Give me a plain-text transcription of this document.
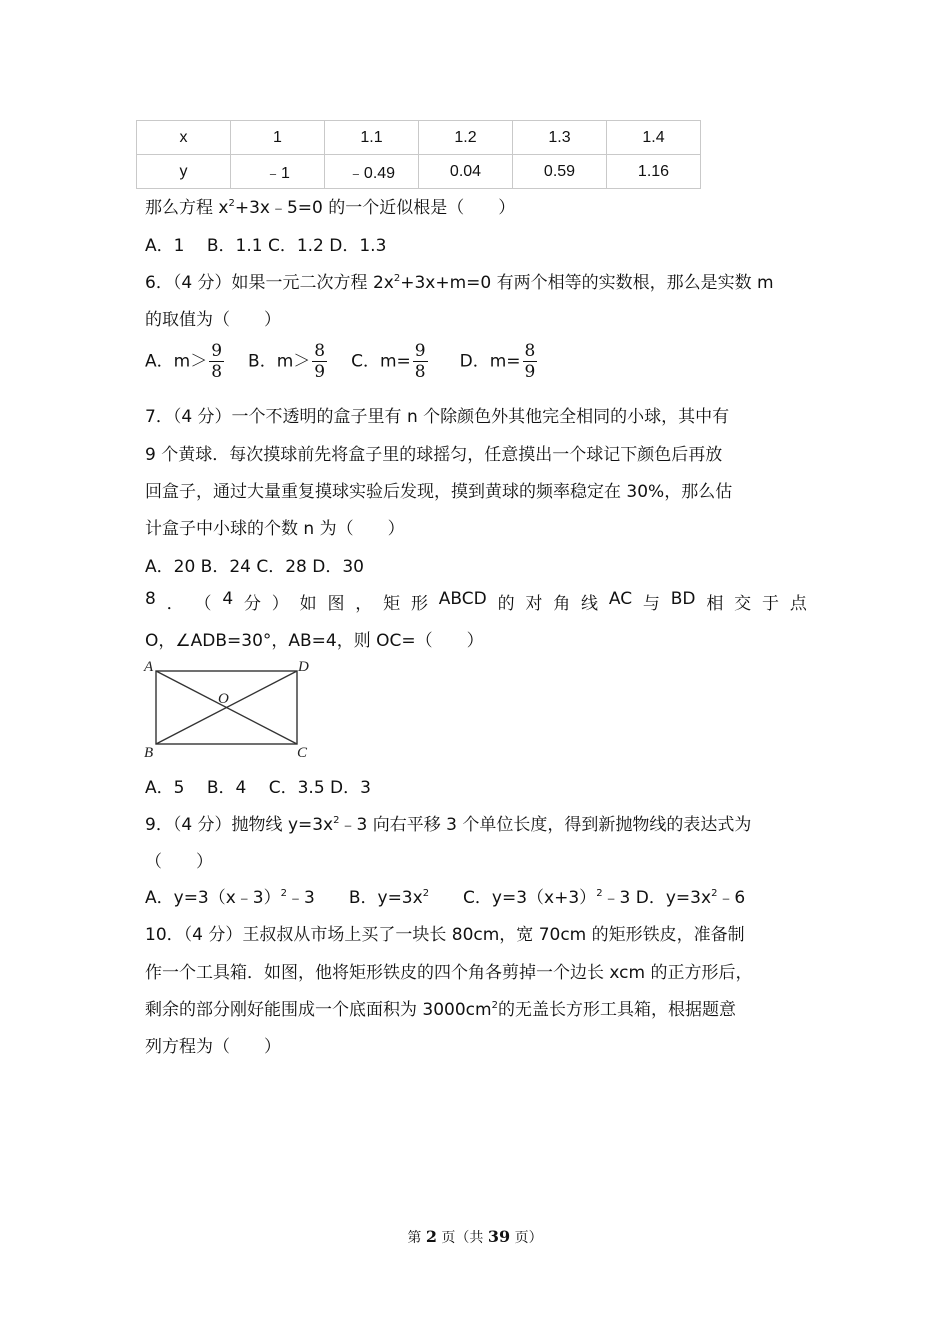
x	1	1.1	1.2	1.3	1.4
y	﹣1	﹣0.49	0.04	0.59	1.16
那么方程 $x^2+3x﹣5=0$ 的一个近似根是（　　）
A．1　 B．1.1 C．1.2 D．1.3
6．（4 分）如果一元二次方程 $2x^2+3x+m=0$ 有两个相等的实数根，那么是实数 m
的取值为（　　）
A．$m> \frac{9}{8}$ B．$m> \frac{8}{9}$ C．$m= \frac{9}{8}$ D．$m= \frac{8}{9}$
7．（4 分）一个不透明的盒子里有 n 个除颜色外其他完全相同的小球，其中有
9 个黄球．每次摸球前先将盒子里的球摇匀，任意摸出一个球记下颜色后再放
回盒子，通过大量重复摸球实验后发现，摸到黄球的频率稳定在 30%，那么估
计盒子中小球的个数 n 为（　　）
A．20 B．24 C．28 D．30
8 ． （ 4 分 ） 如 图 ， 矩 形 ABCD 的 对 角 线 AC 与 BD 相 交 于 点
O，∠ADB=30°，AB=4，则 OC=（　　）
A	D
B	C
O
A．5　 B．4　 C．3.5 D．3
9．（4 分）抛物线 $y=3x^2﹣3$ 向右平移 3 个单位长度，得到新抛物线的表达式为
（　　）
A．y=3（x﹣3）$^2$﹣3　　B．$y=3x^2$　　C．$y=3(x+3)^2﹣3$ D．$y=3x^2﹣6$
10．（4 分）王叔叔从市场上买了一块长 80cm，宽 70cm 的矩形铁皮，准备制
作一个工具箱．如图，他将矩形铁皮的四个角各剪掉一个边长 xcm 的正方形后，
剩余的部分刚好能围成一个底面积为 $3000cm^2$的无盖长方形工具箱，根据题意
列方程为（　　）
第 2 页（共 39 页）
